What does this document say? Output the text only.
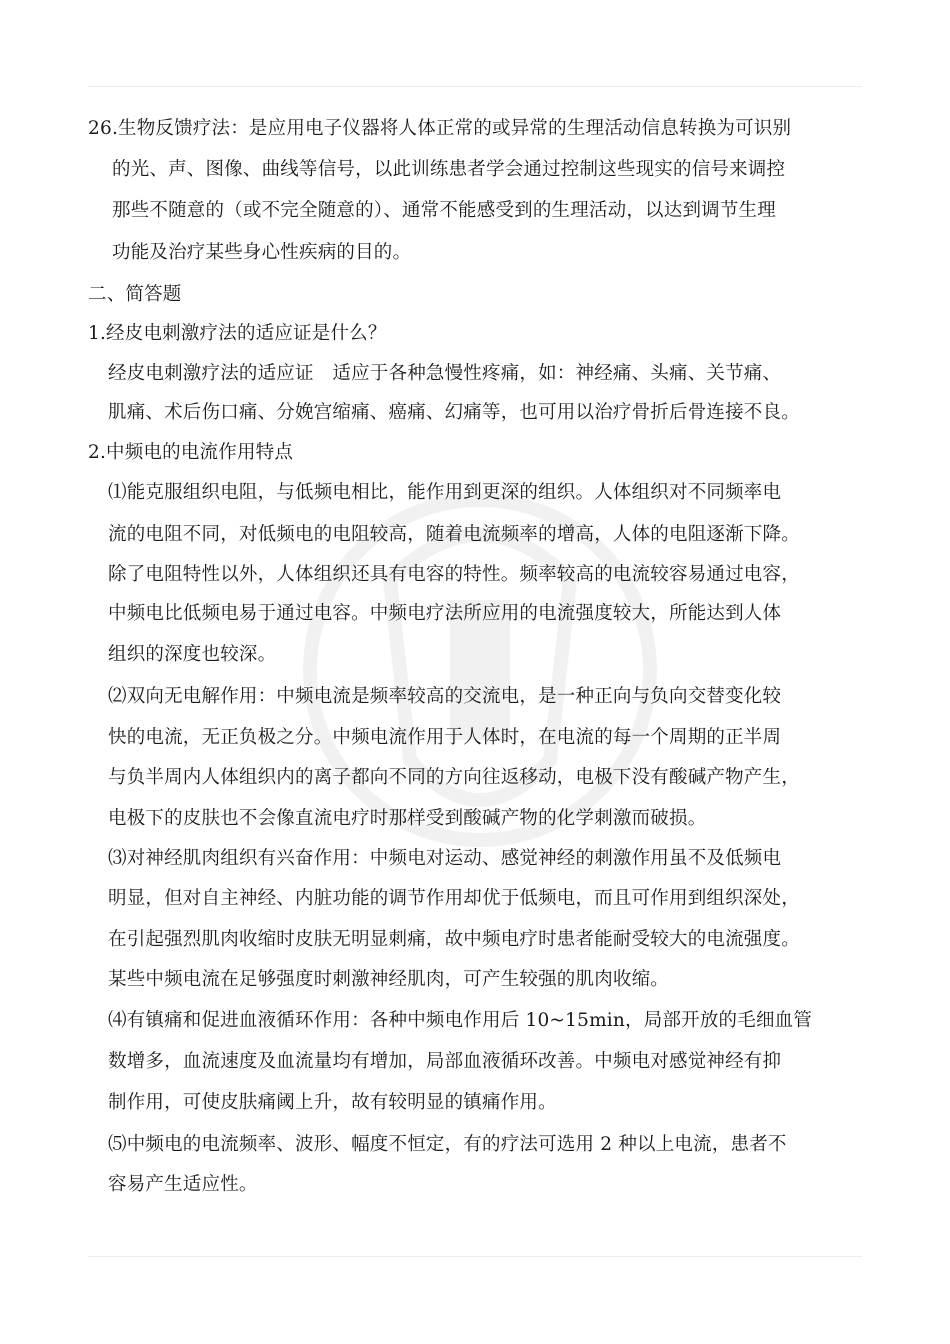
26.生物反馈疗法：是应用电子仪器将人体正常的或异常的生理活动信息转换为可识别
的光、声、图像、曲线等信号，以此训练患者学会通过控制这些现实的信号来调控
那些不随意的（或不完全随意的）、通常不能感受到的生理活动，以达到调节生理
功能及治疗某些身心性疾病的目的。
二、简答题
1.经皮电刺激疗法的适应证是什么？
经皮电刺激疗法的适应证　适应于各种急慢性疼痛，如：神经痛、头痛、关节痛、
肌痛、术后伤口痛、分娩宫缩痛、癌痛、幻痛等，也可用以治疗骨折后骨连接不良。
2.中频电的电流作用特点
⑴能克服组织电阻，与低频电相比，能作用到更深的组织。人体组织对不同频率电
流的电阻不同，对低频电的电阻较高，随着电流频率的增高，人体的电阻逐渐下降。
除了电阻特性以外，人体组织还具有电容的特性。频率较高的电流较容易通过电容，
中频电比低频电易于通过电容。中频电疗法所应用的电流强度较大，所能达到人体
组织的深度也较深。
⑵双向无电解作用：中频电流是频率较高的交流电，是一种正向与负向交替变化较
快的电流，无正负极之分。中频电流作用于人体时，在电流的每一个周期的正半周
与负半周内人体组织内的离子都向不同的方向往返移动，电极下没有酸碱产物产生，
电极下的皮肤也不会像直流电疗时那样受到酸碱产物的化学刺激而破损。
⑶对神经肌肉组织有兴奋作用：中频电对运动、感觉神经的刺激作用虽不及低频电
明显，但对自主神经、内脏功能的调节作用却优于低频电，而且可作用到组织深处，
在引起强烈肌肉收缩时皮肤无明显刺痛，故中频电疗时患者能耐受较大的电流强度。
某些中频电流在足够强度时刺激神经肌肉，可产生较强的肌肉收缩。
⑷有镇痛和促进血液循环作用：各种中频电作用后 10~15min，局部开放的毛细血管
数增多，血流速度及血流量均有增加，局部血液循环改善。中频电对感觉神经有抑
制作用，可使皮肤痛阈上升，故有较明显的镇痛作用。
⑸中频电的电流频率、波形、幅度不恒定，有的疗法可选用 2 种以上电流，患者不
容易产生适应性。
